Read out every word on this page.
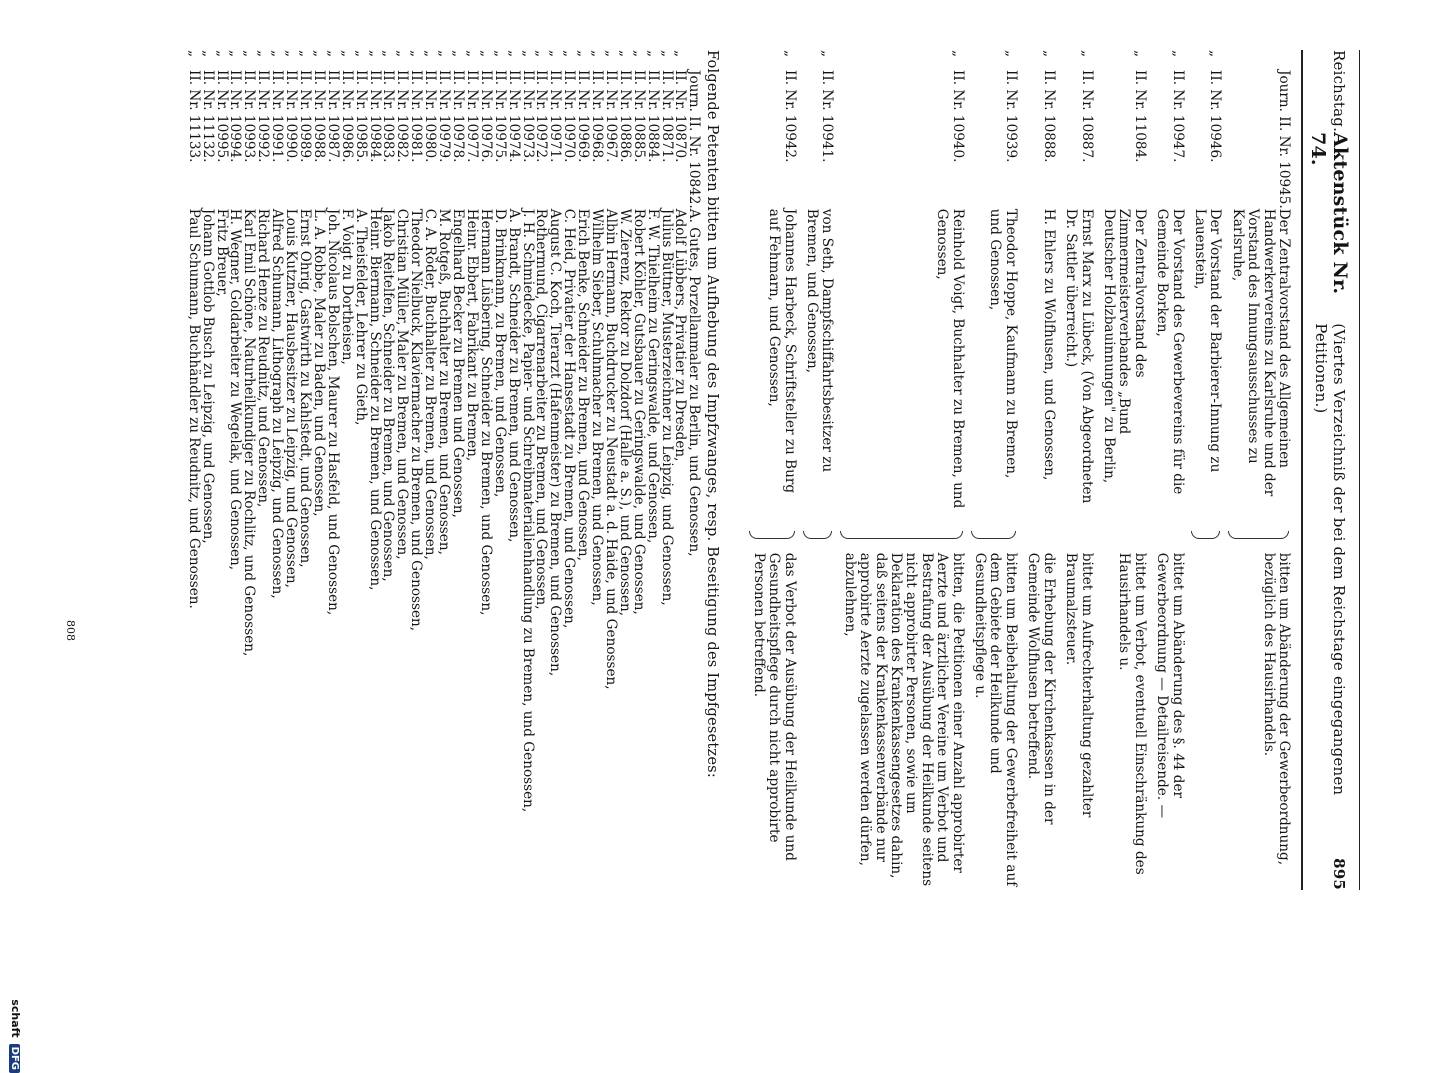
DFG
Reichstag.
Aktenstück Nr. 74.
(Viertes Verzeichniß der bei dem Reichstage eingegangenen Petitionen.)
895
	Journ. II. Nr. 10945.	Der Zentralvorstand des Allgemeinen Handwerkervereins zu Karlsruhe und der Vorstand des Innungsausschusses zu Karlsruhe,		bitten um Abänderung der Gewerbeordnung, bezüglich des Hausirhandels.
„	II. Nr. 10946.	Der Vorstand der Barbierer-Innung zu Lauenstein,	

„	II. Nr. 10947.	Der Vorstand des Gewerbevereins für die Gemeinde Borken,		bittet um Abänderung des §. 44 der Gewerbeordnung — Detailreisende. —
„	II. Nr. 11084.	Der Zentralvorstand des Zimmermeisterverbandes „Bund Deutscher Holzbauinnungen" zu Berlin,		bittet um Verbot, eventuell Einschränkung des Hausirhandels u.
„	II. Nr. 10887.	Ernst Marx zu Lübeck, (Von Abgeordneten Dr. Sattler überreicht.)		bittet um Aufrechterhaltung gezahlter Braumalzsteuer.
„	II. Nr. 10888.	H. Ehlers zu Wolfhusen, und Genossen,		die Erhebung der Kirchenkassen in der Gemeinde Wolfhusen betreffend.
„	II. Nr. 10939.	Theodor Hoppe, Kaufmann zu Bremen, und Genossen,		bitten um Beibehaltung der Gewerbefreiheit auf dem Gebiete der Heilkunde und Gesundheitspflege u.
„	II. Nr. 10940.	Reinhold Voigt, Buchhalter zu Bremen, und Genossen,		bitten, die Petitionen einer Anzahl approbirter Aerzte und ärztlicher Vereine um Verbot und Bestrafung der Ausübung der Heilkunde seitens nicht approbirter Personen, sowie um Deklaration des Krankenkassengesetzes dahin, daß seitens der Krankenkassenverbände nur approbirte Aerzte zugelassen werden dürfen, abzulehnen,
„	II. Nr. 10941.	von Seth, Dampfschiffahrtsbesitzer zu Bremen, und Genossen,	

„	II. Nr. 10942.	Johannes Harbeck, Schriftsteller zu Burg auf Fehmarn, und Genossen,		das Verbot der Ausübung der Heilkunde und Gesundheitspflege durch nicht approbirte Personen betreffend.
Folgende Petenten bitten um Aufhebung des Impfzwanges, resp. Beseitigung des Impfgesetzes:
	Journ. II. Nr. 10842.	A. Gutes, Porzellanmaler zu Berlin, und Genossen,
„	II. Nr. 10870.	Adolf Lübbers, Privatier zu Dresden,
„	II. Nr. 10871.	Julius Büttner, Musterzeichner zu Leipzig, und Genossen,
„	II. Nr. 10884.	F. W. Thielheim zu Geringswalde, und Genossen,
„	II. Nr. 10885.	Robert Köhler, Gutsbauer zu Geringswalde, und Genossen,
„	II. Nr. 10886.	W. Zierenz, Rektor zu Dolzdorf (Halle a. S.), und Genossen,
„	II. Nr. 10967.	Albin Hermann, Buchdrucker zu Neustadt a. d. Haide, und Genossen,
„	II. Nr. 10968.	Wilhelm Sieber, Schuhmacher zu Bremen, und Genossen,
„	II. Nr. 10969.	Erich Benke, Schneider zu Bremen, und Genossen,
„	II. Nr. 10970.	C. Heid, Privatier der Hansestadt zu Bremen, und Genossen,
„	II. Nr. 10971.	August C. Koch, Tierarzt (Hafenmeister) zu Bremen, und Genossen,
„	II. Nr. 10972.	Rothermund, Cigarrenarbeiter zu Bremen, und Genossen,
„	II. Nr. 10973.	J. H. Schmiedecke, Papier- und Schreibmaterialienhandlung zu Bremen, und Genossen,
„	II. Nr. 10974.	A. Brandt, Schneider zu Bremen, und Genossen,
„	II. Nr. 10975.	D. Brinkmann, zu Bremen, und Genossen,
„	II. Nr. 10976.	Hermann Lüsbering, Schneider zu Bremen, und Genossen,
„	II. Nr. 10977.	Heinr. Ebbert, Fabrikant zu Bremen,
„	II. Nr. 10978.	Engelhard Becker zu Bremen und Genossen,
„	II. Nr. 10979.	M. Rotgeß, Buchhalter zu Bremen, und Genossen,
„	II. Nr. 10980.	C. A. Röder, Buchhalter zu Bremen, und Genossen,
„	II. Nr. 10981.	Theodor Nielbuck, Klaviermacher zu Bremen, und Genossen,
„	II. Nr. 10982.	Christian Müller, Maler zu Bremen, und Genossen,
„	II. Nr. 10983.	Jakob Reitelfen, Schneider zu Bremen, und Genossen,
„	II. Nr. 10984.	Heinr. Biermann, Schneider zu Bremen, und Genossen,
„	II. Nr. 10985.	A. Theisfelder, Lehrer zu Gieth,
„	II. Nr. 10986.	F. Voigt zu Dortheisen,
„	II. Nr. 10987.	Joh. Nicolaus Bolschen, Maurer zu Hasfeld, und Genossen,
„	II. Nr. 10988.	L. A. Robbe, Maler zu Baden, und Genossen,
„	II. Nr. 10989.	Ernst Ohrig, Gastwirth zu Kahlstedt, und Genossen,
„	II. Nr. 10990.	Louis Kutzner, Hausbesitzer zu Leipzig, und Genossen,
„	II. Nr. 10991.	Alfred Schumann, Lithograph zu Leipzig, und Genossen,
„	II. Nr. 10992.	Richard Henze zu Reudnitz, und Genossen,
„	II. Nr. 10993.	Karl Emil Schöne, Naturheilkundiger zu Rochlitz, und Genossen,
„	II. Nr. 10994.	H. Wegner, Goldarbeiter zu Wegelak, und Genossen,
„	II. Nr. 10995.	Fritz Breuer,
„	II. Nr. 11132.	Johann Gottlob Busch zu Leipzig, und Genossen,
„	II. Nr. 11133.	Paul Schumann, Buchhändler zu Reudnitz, und Genossen.
808
